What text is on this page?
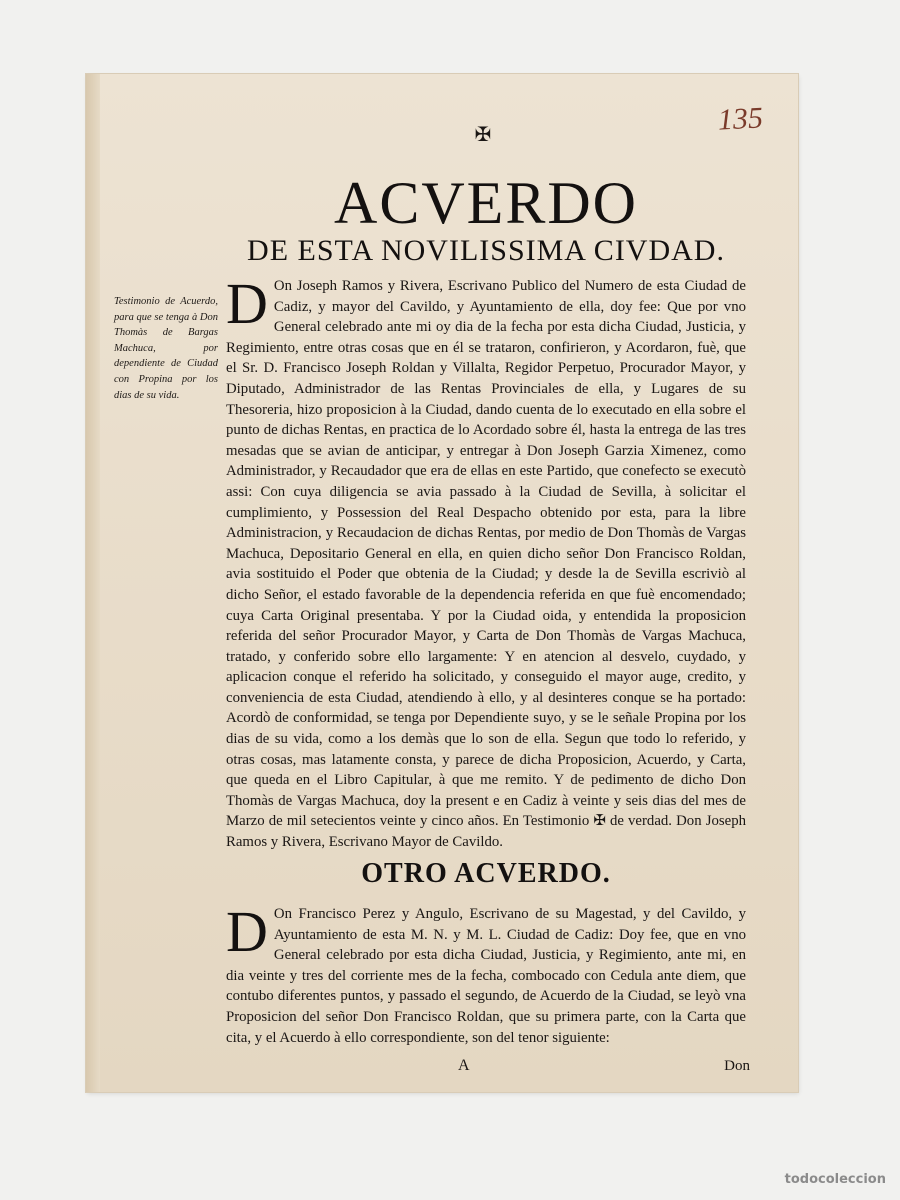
135
✠
ACVERDO
DE ESTA NOVILISSIMA CIVDAD.
Testimonio de Acuerdo, para que se tenga à Don Thomàs de Bargas Machuca, por dependiente de Ciudad con Propina por los dias de su vida.
D On Joseph Ramos y Rivera, Escrivano Publico del Numero de esta Ciudad de Cadiz, y mayor del Cavildo, y Ayuntamiento de ella, doy fee: Que por vno General celebrado ante mi oy dia de la fecha por esta dicha Ciudad, Justicia, y Regimiento, entre otras cosas que en él se trataron, confirieron, y Acordaron, fuè, que el Sr. D. Francisco Joseph Roldan y Villalta, Regidor Perpetuo, Procurador Mayor, y Diputado, Administrador de las Rentas Provinciales de ella, y Lugares de su Thesoreria, hizo proposicion à la Ciudad, dando cuenta de lo executado en ella sobre el punto de dichas Rentas, en practica de lo Acordado sobre él, hasta la entrega de las tres mesadas que se avian de anticipar, y entregar à Don Joseph Garzia Ximenez, como Administrador, y Recaudador que era de ellas en este Partido, que conefecto se executò assi: Con cuya diligencia se avia passado à la Ciudad de Sevilla, à solicitar el cumplimiento, y Possession del Real Despacho obtenido por esta, para la libre Administracion, y Recaudacion de dichas Rentas, por medio de Don Thomàs de Vargas Machuca, Depositario General en ella, en quien dicho señor Don Francisco Roldan, avia sostituido el Poder que obtenia de la Ciudad; y desde la de Sevilla escriviò al dicho Señor, el estado favorable de la dependencia referida en que fuè encomendado; cuya Carta Original presentaba. Y por la Ciudad oida, y entendida la proposicion referida del señor Procurador Mayor, y Carta de Don Thomàs de Vargas Machuca, tratado, y conferido sobre ello largamente: Y en atencion al desvelo, cuydado, y aplicacion conque el referido ha solicitado, y conseguido el mayor auge, credito, y conveniencia de esta Ciudad, atendiendo à ello, y al desinteres conque se ha portado: Acordò de conformidad, se tenga por Dependiente suyo, y se le señale Propina por los dias de su vida, como a los demàs que lo son de ella. Segun que todo lo referido, y otras cosas, mas latamente consta, y parece de dicha Proposicion, Acuerdo, y Carta, que queda en el Libro Capitular, à que me remito. Y de pedimento de dicho Don Thomàs de Vargas Machuca, doy la present e en Cadiz à veinte y seis dias del mes de Marzo de mil setecientos veinte y cinco años. En Testimonio ✠ de verdad. Don Joseph Ramos y Rivera, Escrivano Mayor de Cavildo.
OTRO ACVERDO.
D On Francisco Perez y Angulo, Escrivano de su Magestad, y del Cavildo, y Ayuntamiento de esta M. N. y M. L. Ciudad de Cadiz: Doy fee, que en vno General celebrado por esta dicha Ciudad, Justicia, y Regimiento, ante mi, en dia veinte y tres del corriente mes de la fecha, combocado con Cedula ante diem, que contubo diferentes puntos, y passado el segundo, de Acuerdo de la Ciudad, se leyò vna Proposicion del señor Don Francisco Roldan, que su primera parte, con la Carta que cita, y el Acuerdo à ello correspondiente, son del tenor siguiente:
A	Don
todocoleccion
